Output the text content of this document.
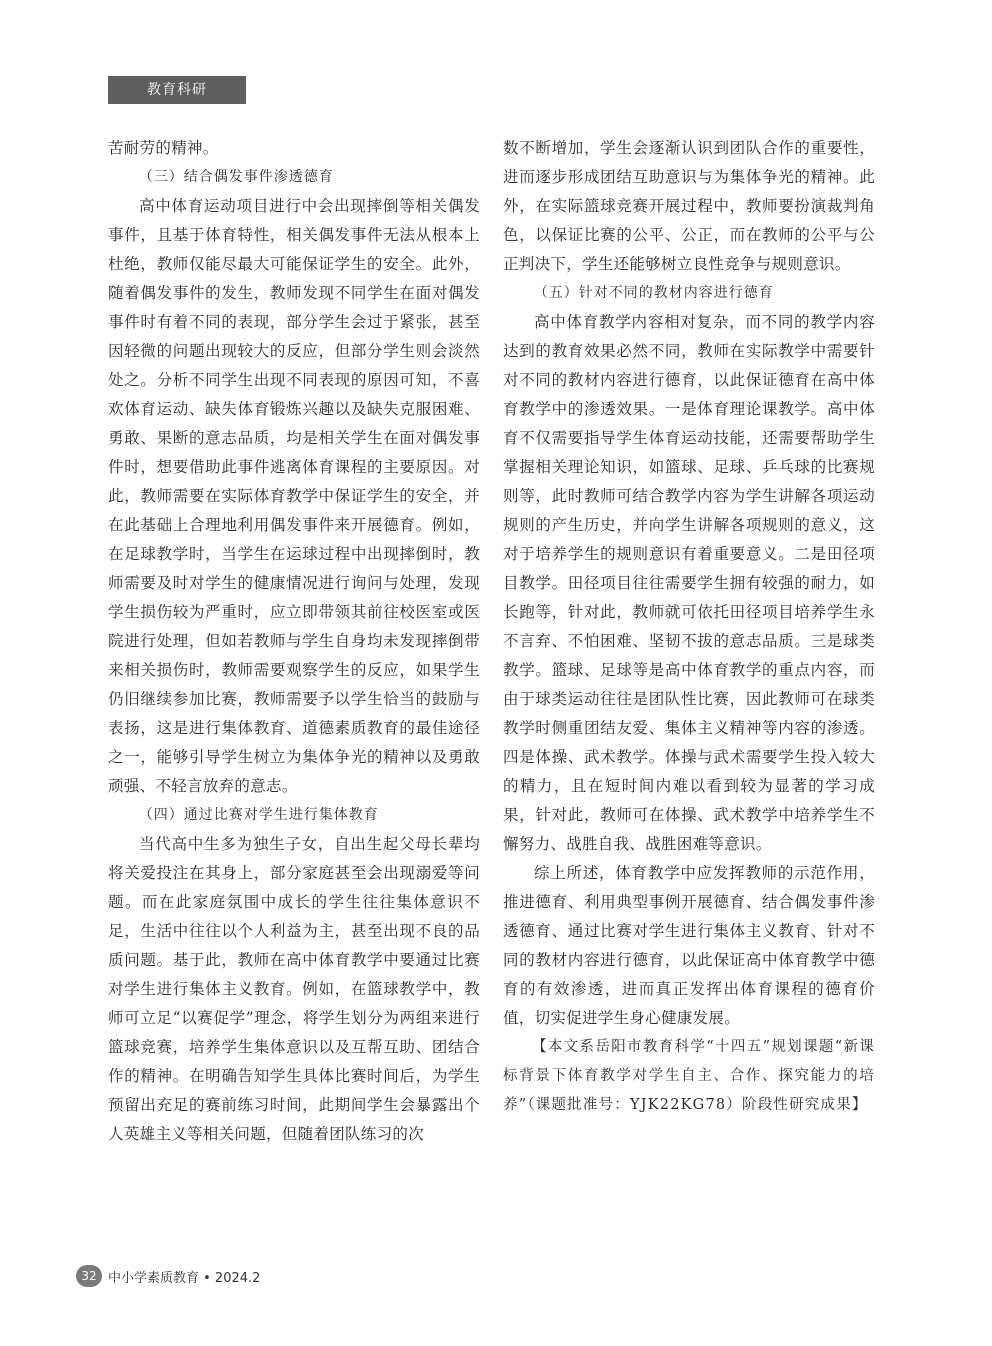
教育科研

苦耐劳的精神。

（三）结合偶发事件渗透德育

高中体育运动项目进行中会出现摔倒等相关偶发事件，且基于体育特性，相关偶发事件无法从根本上杜绝，教师仅能尽最大可能保证学生的安全。此外，随着偶发事件的发生，教师发现不同学生在面对偶发事件时有着不同的表现，部分学生会过于紧张，甚至因轻微的问题出现较大的反应，但部分学生则会淡然处之。分析不同学生出现不同表现的原因可知，不喜欢体育运动、缺失体育锻炼兴趣以及缺失克服困难、勇敢、果断的意志品质，均是相关学生在面对偶发事件时，想要借助此事件逃离体育课程的主要原因。对此，教师需要在实际体育教学中保证学生的安全，并在此基础上合理地利用偶发事件来开展德育。例如，在足球教学时，当学生在运球过程中出现摔倒时，教师需要及时对学生的健康情况进行询问与处理，发现学生损伤较为严重时，应立即带领其前往校医室或医院进行处理，但如若教师与学生自身均未发现摔倒带来相关损伤时，教师需要观察学生的反应，如果学生仍旧继续参加比赛，教师需要予以学生恰当的鼓励与表扬，这是进行集体教育、道德素质教育的最佳途径之一，能够引导学生树立为集体争光的精神以及勇敢顽强、不轻言放弃的意志。

（四）通过比赛对学生进行集体教育

当代高中生多为独生子女，自出生起父母长辈均将关爱投注在其身上，部分家庭甚至会出现溺爱等问题。而在此家庭氛围中成长的学生往往集体意识不足，生活中往往以个人利益为主，甚至出现不良的品质问题。基于此，教师在高中体育教学中要通过比赛对学生进行集体主义教育。例如，在篮球教学中，教师可立足“以赛促学”理念，将学生划分为两组来进行篮球竞赛，培养学生集体意识以及互帮互助、团结合作的精神。在明确告知学生具体比赛时间后，为学生预留出充足的赛前练习时间，此期间学生会暴露出个人英雄主义等相关问题，但随着团队练习的次

数不断增加，学生会逐渐认识到团队合作的重要性，进而逐步形成团结互助意识与为集体争光的精神。此外，在实际篮球竞赛开展过程中，教师要扮演裁判角色，以保证比赛的公平、公正，而在教师的公平与公正判决下，学生还能够树立良性竞争与规则意识。

（五）针对不同的教材内容进行德育

高中体育教学内容相对复杂，而不同的教学内容达到的教育效果必然不同，教师在实际教学中需要针对不同的教材内容进行德育，以此保证德育在高中体育教学中的渗透效果。一是体育理论课教学。高中体育不仅需要指导学生体育运动技能，还需要帮助学生掌握相关理论知识，如篮球、足球、乒乓球的比赛规则等，此时教师可结合教学内容为学生讲解各项运动规则的产生历史，并向学生讲解各项规则的意义，这对于培养学生的规则意识有着重要意义。二是田径项目教学。田径项目往往需要学生拥有较强的耐力，如长跑等，针对此，教师就可依托田径项目培养学生永不言弃、不怕困难、坚韧不拔的意志品质。三是球类教学。篮球、足球等是高中体育教学的重点内容，而由于球类运动往往是团队性比赛，因此教师可在球类教学时侧重团结友爱、集体主义精神等内容的渗透。四是体操、武术教学。体操与武术需要学生投入较大的精力，且在短时间内难以看到较为显著的学习成果，针对此，教师可在体操、武术教学中培养学生不懈努力、战胜自我、战胜困难等意识。

综上所述，体育教学中应发挥教师的示范作用，推进德育、利用典型事例开展德育、结合偶发事件渗透德育、通过比赛对学生进行集体主义教育、针对不同的教材内容进行德育，以此保证高中体育教学中德育的有效渗透，进而真正发挥出体育课程的德育价值，切实促进学生身心健康发展。

【本文系岳阳市教育科学“十四五”规划课题“新课标背景下体育教学对学生自主、合作、探究能力的培养”（课题批准号：YJK22KG78）阶段性研究成果】

32 中小学素质教育 • 2024.2
